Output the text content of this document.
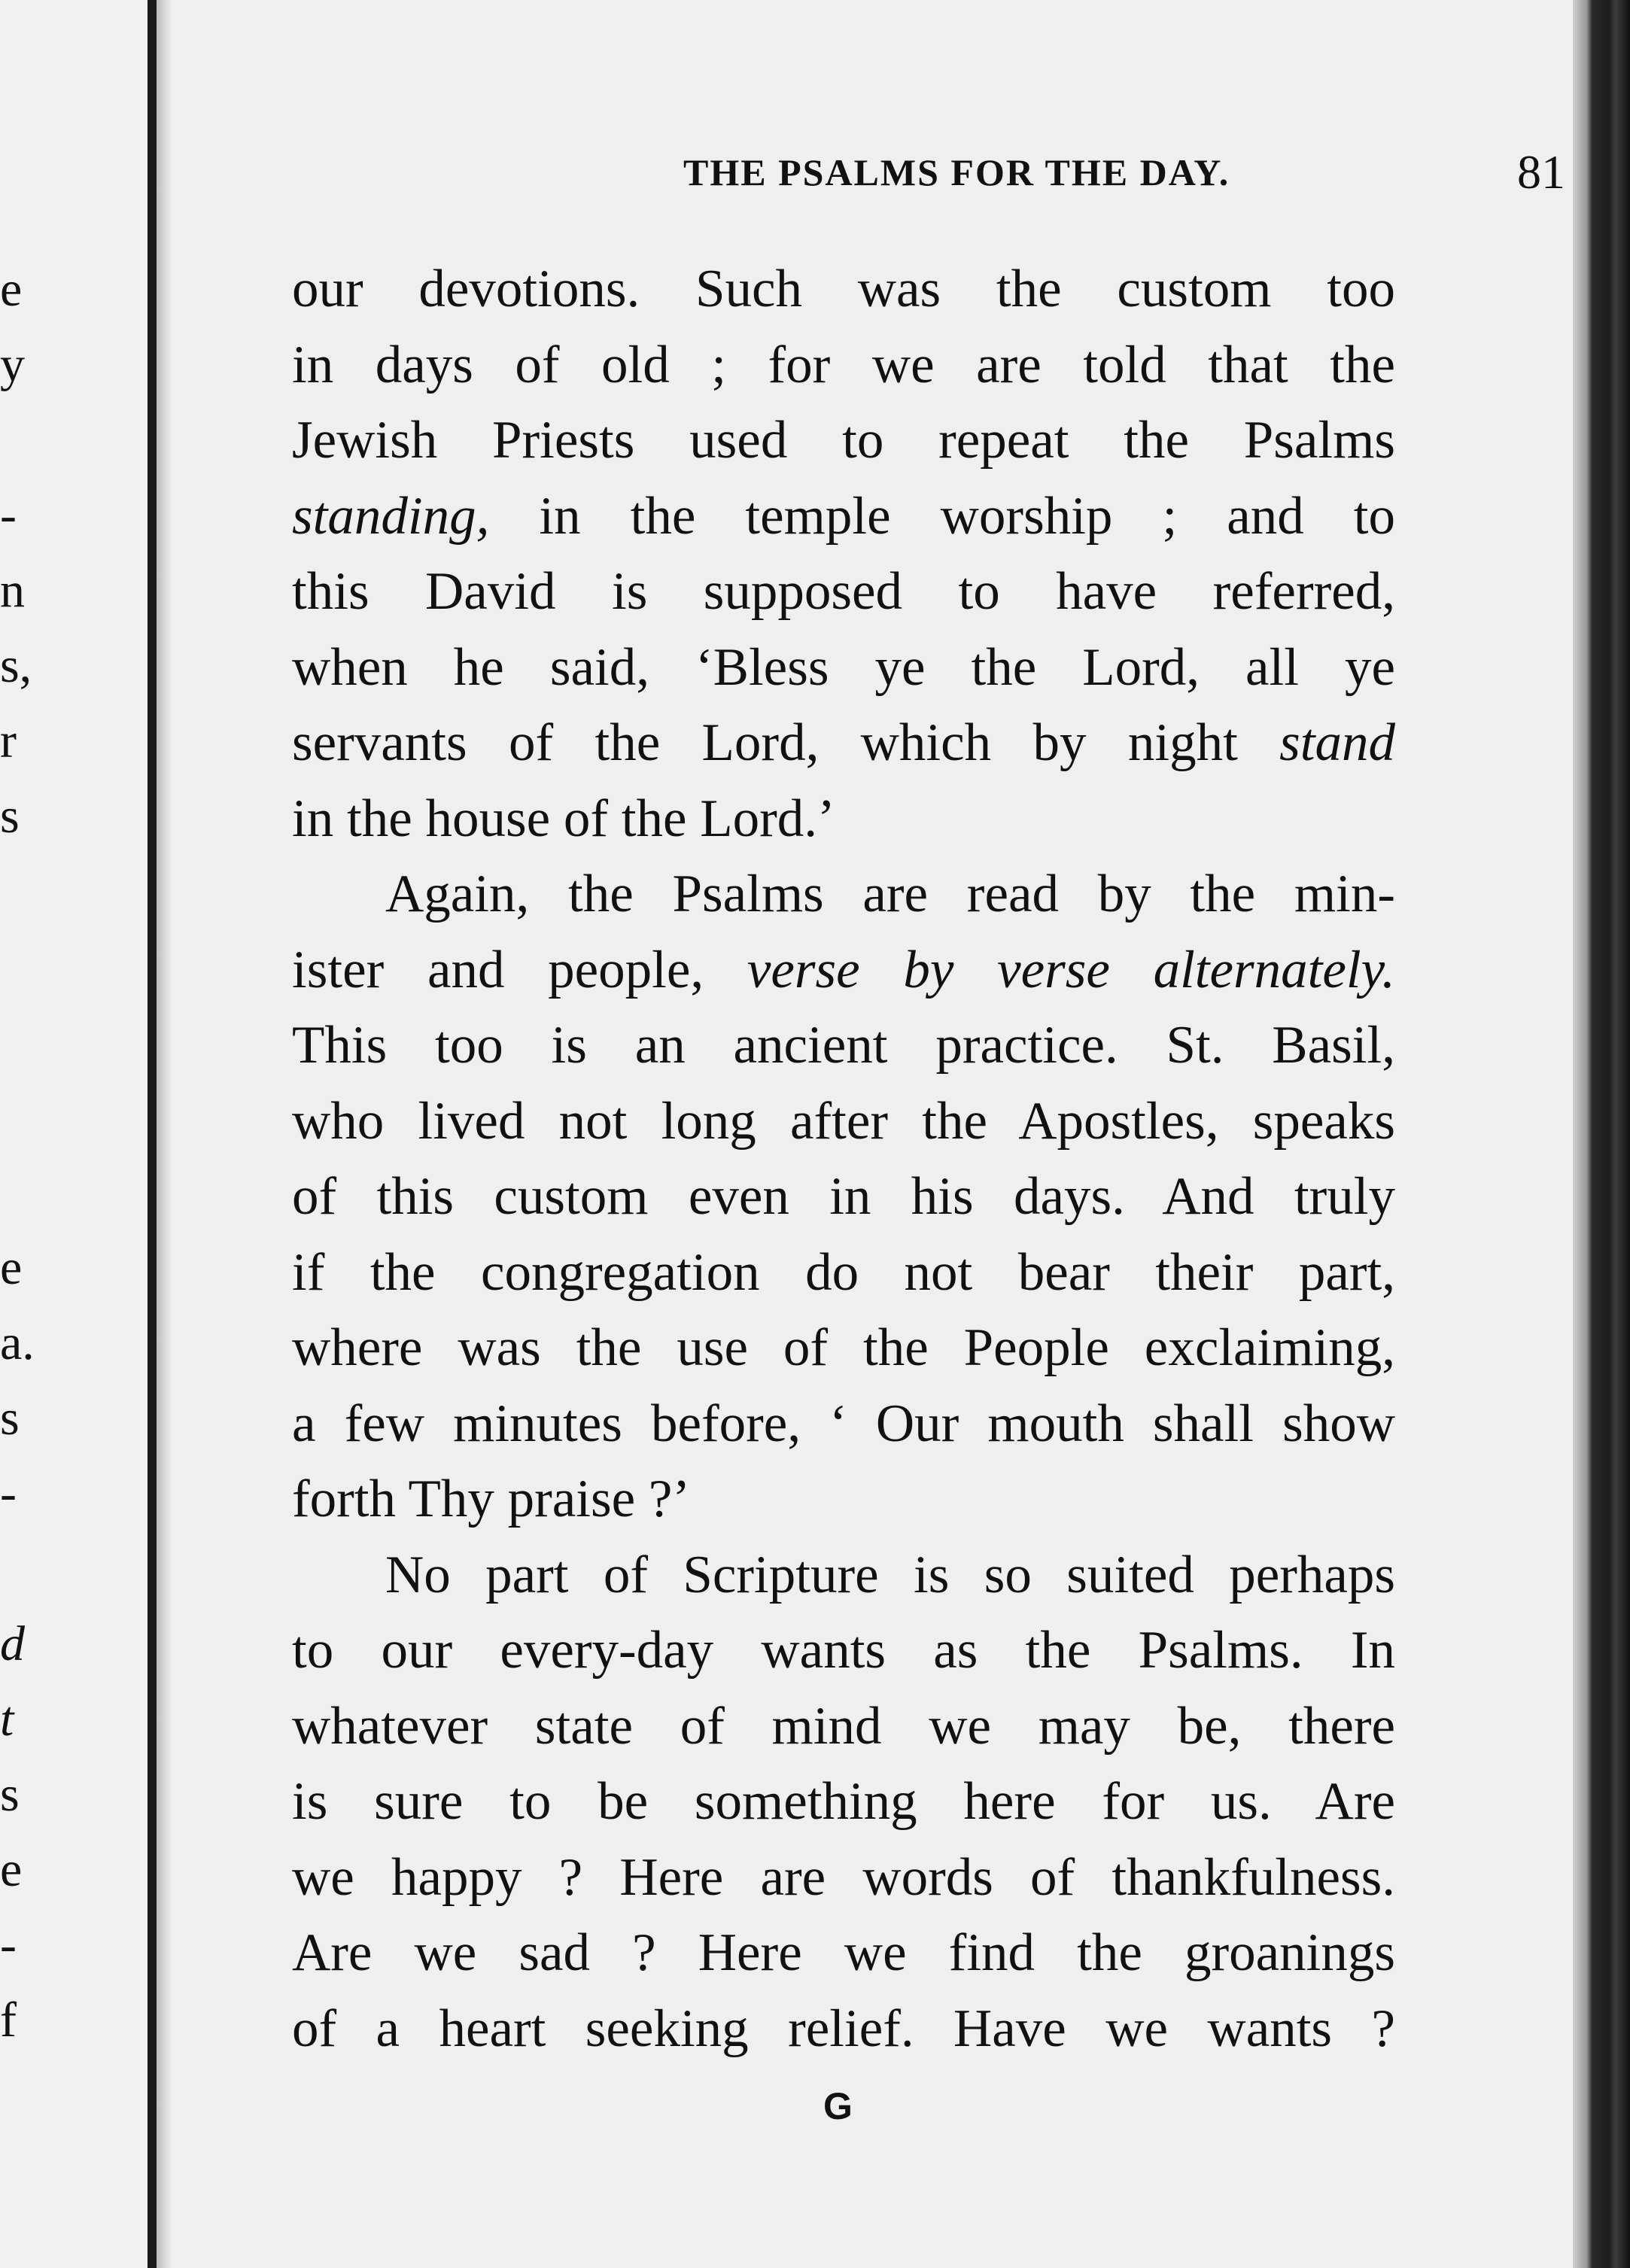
e
y
-
n
s,
r
s
e
a.
s
-
d
t
s
e
-
f
THE PSALMS FOR THE DAY.	81
our devotions. Such was the custom too
in days of old ; for we are told that the
Jewish Priests used to repeat the Psalms
standing, in the temple worship ; and to
this David is supposed to have referred,
when he said, ‘Bless ye the Lord, all ye
servants of the Lord, which by night stand
in the house of the Lord.’
Again, the Psalms are read by the min-
ister and people, verse by verse alternately.
This too is an ancient practice. St. Basil,
who lived not long after the Apostles, speaks
of this custom even in his days. And truly
if the congregation do not bear their part,
where was the use of the People exclaiming,
a few minutes before, ‘ Our mouth shall show
forth Thy praise ?’
No part of Scripture is so suited perhaps
to our every-day wants as the Psalms. In
whatever state of mind we may be, there
is sure to be something here for us. Are
we happy ? Here are words of thankfulness.
Are we sad ? Here we find the groanings
of a heart seeking relief. Have we wants ?
G
